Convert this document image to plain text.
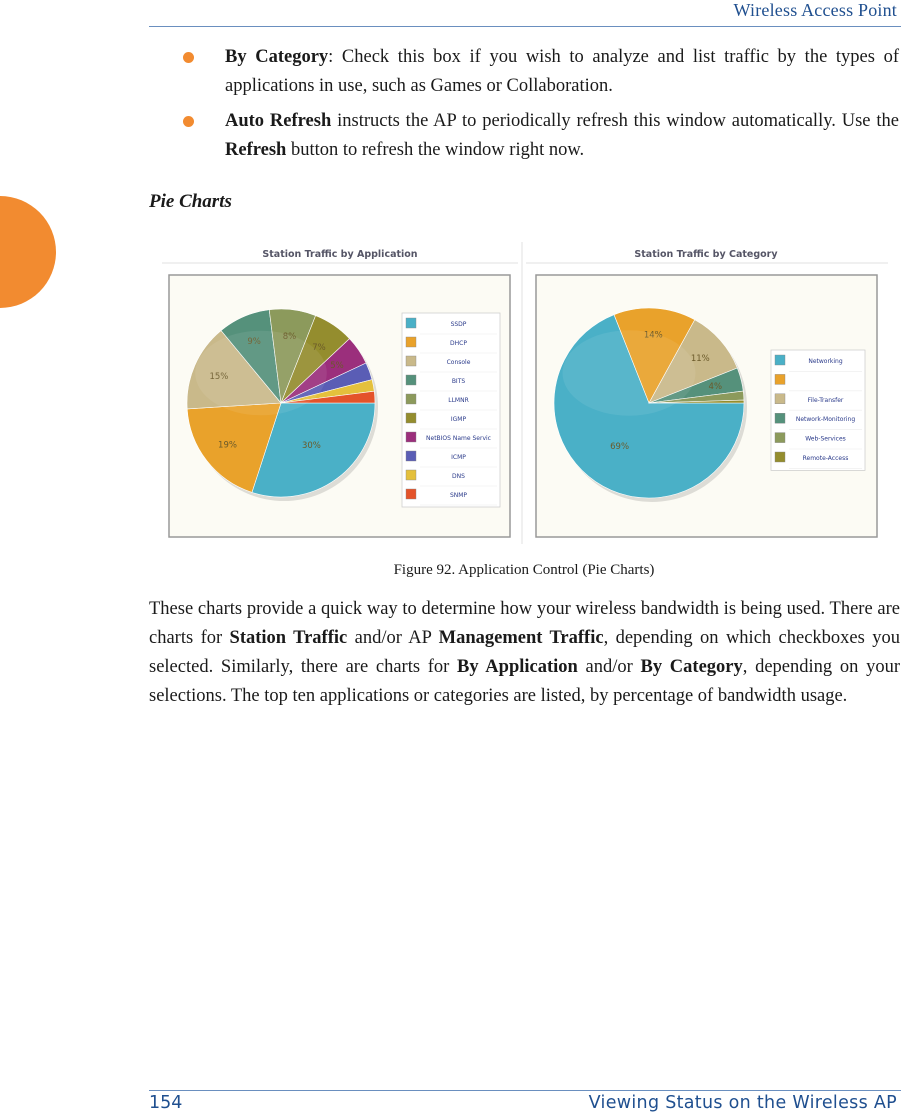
Wireless Access Point
By Category: Check this box if you wish to analyze and list traffic by the types of applications in use, such as Games or Collaboration.
Auto Refresh instructs the AP to periodically refresh this window automatically. Use the Refresh button to refresh the window right now.
Pie Charts
Station Traffic by Application	Station Traffic by Category
30%
19%
15%
9%	8%
7%
5%
69%
14%
11%
4%
SSDP
DHCP
Console
BITS
LLMNR
IGMP
NetBIOS Name Servic
ICMP
DNS
SNMP
Networking
File-Transfer
Network-Monitoring
Web-Services
Remote-Access
Figure 92. Application Control (Pie Charts)
These charts provide a quick way to determine how your wireless bandwidth is being used. There are charts for Station Traffic and/or AP Management Traffic, depending on which checkboxes you selected. Similarly, there are charts for By Application and/or By Category, depending on your selections. The top ten applications or categories are listed, by percentage of bandwidth usage.
154	Viewing Status on the Wireless AP
